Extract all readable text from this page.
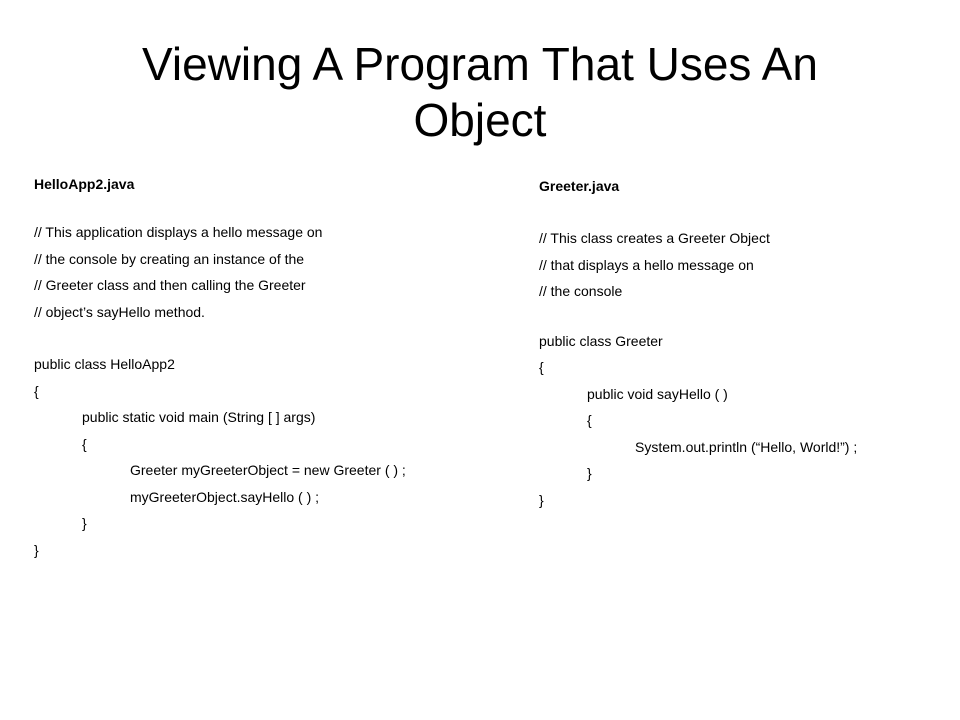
Viewing A Program That Uses An
Object
HelloApp2.java
// This application displays a hello message on
// the console by creating an instance of the
// Greeter class and then calling the Greeter
// object’s sayHello method.
public class HelloApp2
{
public static void main (String [ ] args)
{
Greeter myGreeterObject = new Greeter ( ) ;
myGreeterObject.sayHello ( ) ;
}
}
Greeter.java
// This class creates a Greeter Object
// that displays a hello message on
// the console
public class Greeter
{
public void sayHello ( )
{
System.out.println (“Hello, World!”) ;
}
}
